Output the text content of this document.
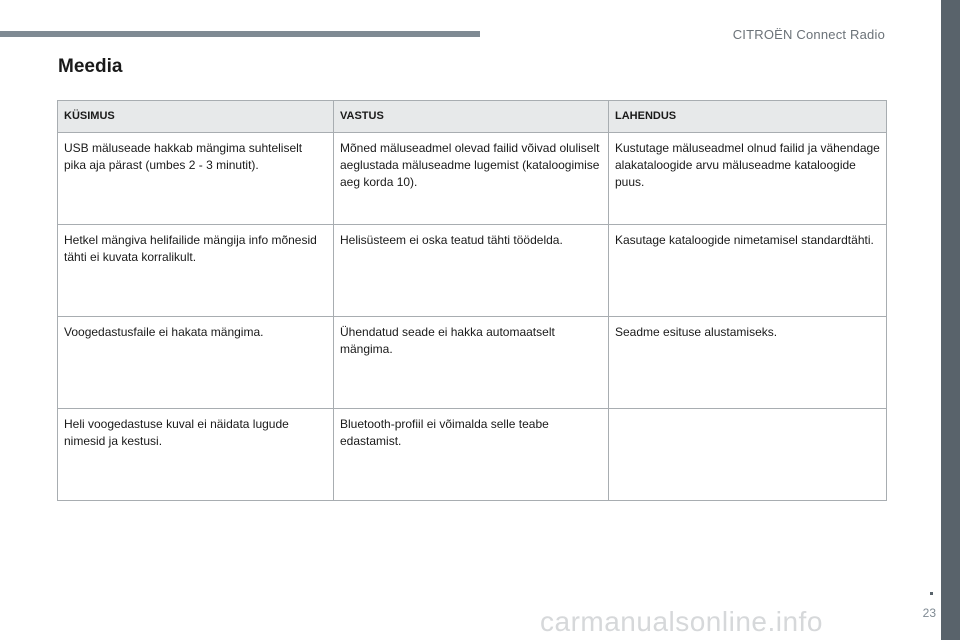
CITROËN Connect Radio
Meedia
KÜSIMUS	VASTUS	LAHENDUS
USB mäluseade hakkab mängima suhteliselt pika aja pärast (umbes 2 - 3 minutit).	Mõned mäluseadmel olevad failid võivad oluliselt aeglustada mäluseadme lugemist (kataloogimise aeg korda 10).	Kustutage mäluseadmel olnud failid ja vähendage alakataloogide arvu mäluseadme kataloogide puus.
Hetkel mängiva helifailide mängija info mõnesid tähti ei kuvata korralikult.	Helisüsteem ei oska teatud tähti töödelda.	Kasutage kataloogide nimetamisel standardtähti.
Voogedastusfaile ei hakata mängima.	Ühendatud seade ei hakka automaatselt mängima.	Seadme esituse alustamiseks.
Heli voogedastuse kuval ei näidata lugude nimesid ja kestusi.	Bluetooth-profiil ei võimalda selle teabe edastamist.	
23
carmanualsonline.info
